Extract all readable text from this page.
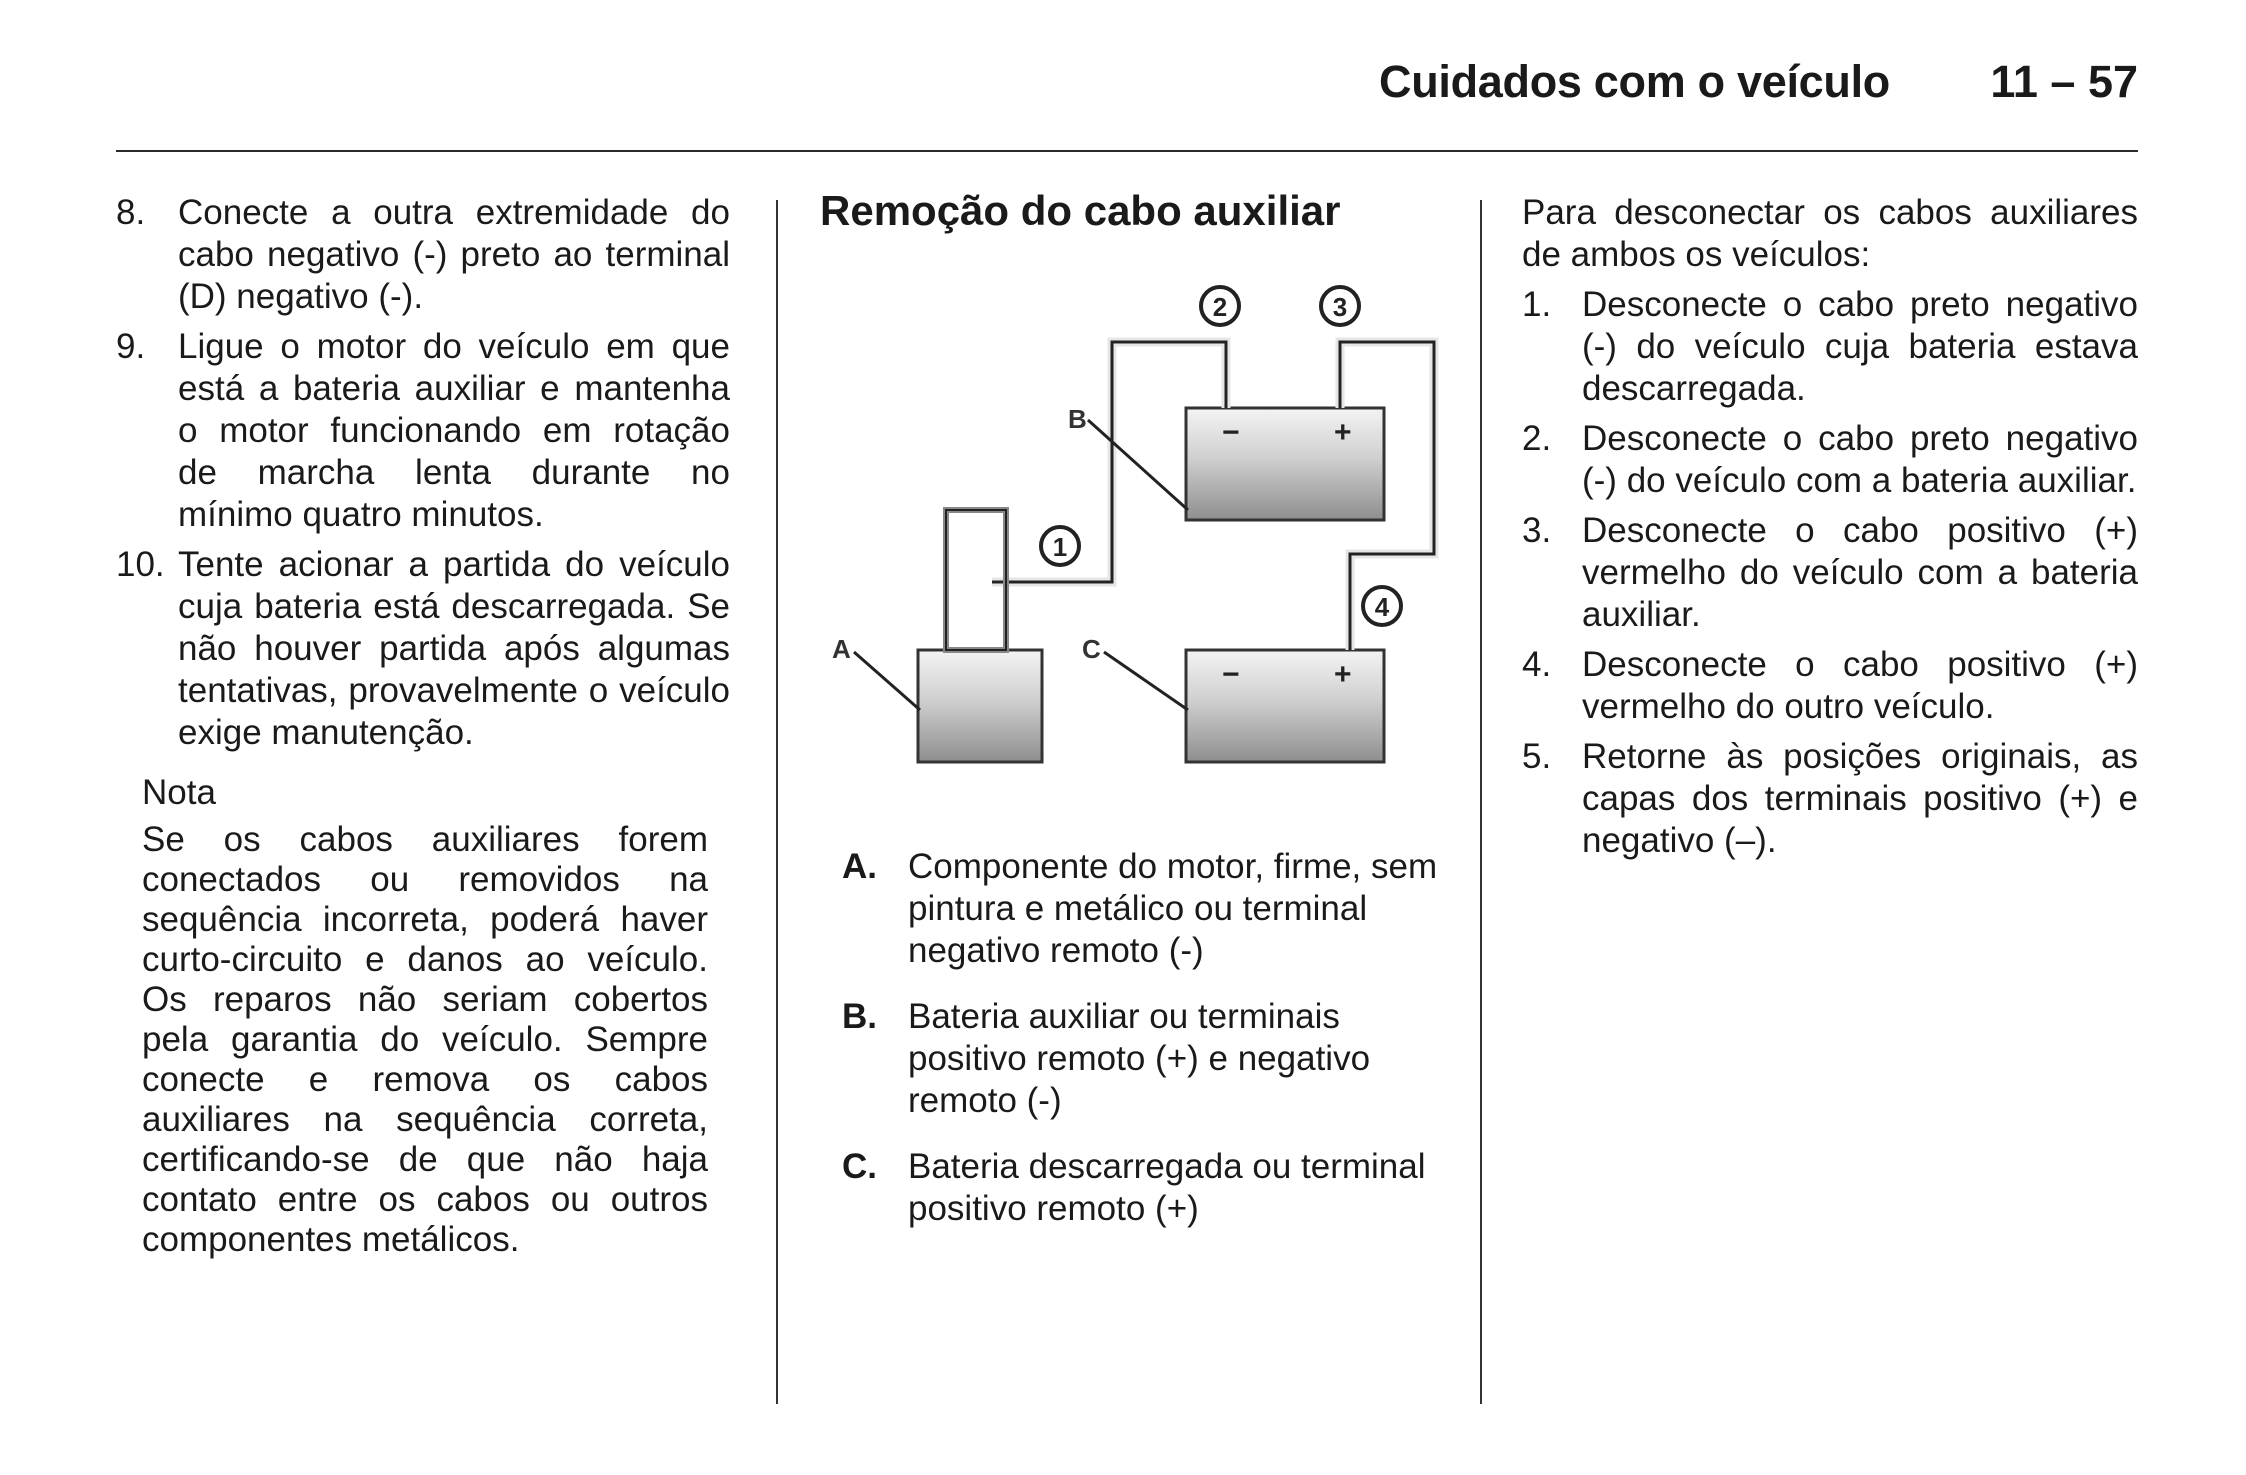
Cuidados com o veículo	11 – 57
8. Conecte a outra extremidade do cabo negativo (-) preto ao terminal (D) negativo (-).
9. Ligue o motor do veículo em que está a bateria auxiliar e mantenha o motor funcionando em rotação de marcha lenta durante no mínimo quatro minutos.
10. Tente acionar a partida do veículo cuja bateria está descarregada. Se não houver partida após algumas tentativas, provavelmente o veículo exige manutenção.
Nota
Se os cabos auxiliares forem conectados ou removidos na sequência incorreta, poderá haver curto-circuito e danos ao veículo. Os reparos não seriam cobertos pela garantia do veículo. Sempre conecte e remova os cabos auxiliares na sequência correta, certificando-se de que não haja contato entre os cabos ou outros componentes metálicos.
Remoção do cabo auxiliar
−	+
−	+
B
A	C
2	3
1
4
A. Componente do motor, firme, sem pintura e metálico ou terminal negativo remoto (-)
B. Bateria auxiliar ou terminais positivo remoto (+) e negativo remoto (-)
C. Bateria descarregada ou terminal positivo remoto (+)
Para desconectar os cabos auxiliares de ambos os veículos:
1. Desconecte o cabo preto negativo (-) do veículo cuja bateria estava descarregada.
2. Desconecte o cabo preto negativo (-) do veículo com a bateria auxiliar.
3. Desconecte o cabo positivo (+) vermelho do veículo com a bateria auxiliar.
4. Desconecte o cabo positivo (+) vermelho do outro veículo.
5. Retorne às posições originais, as capas dos terminais positivo (+) e negativo (–).
